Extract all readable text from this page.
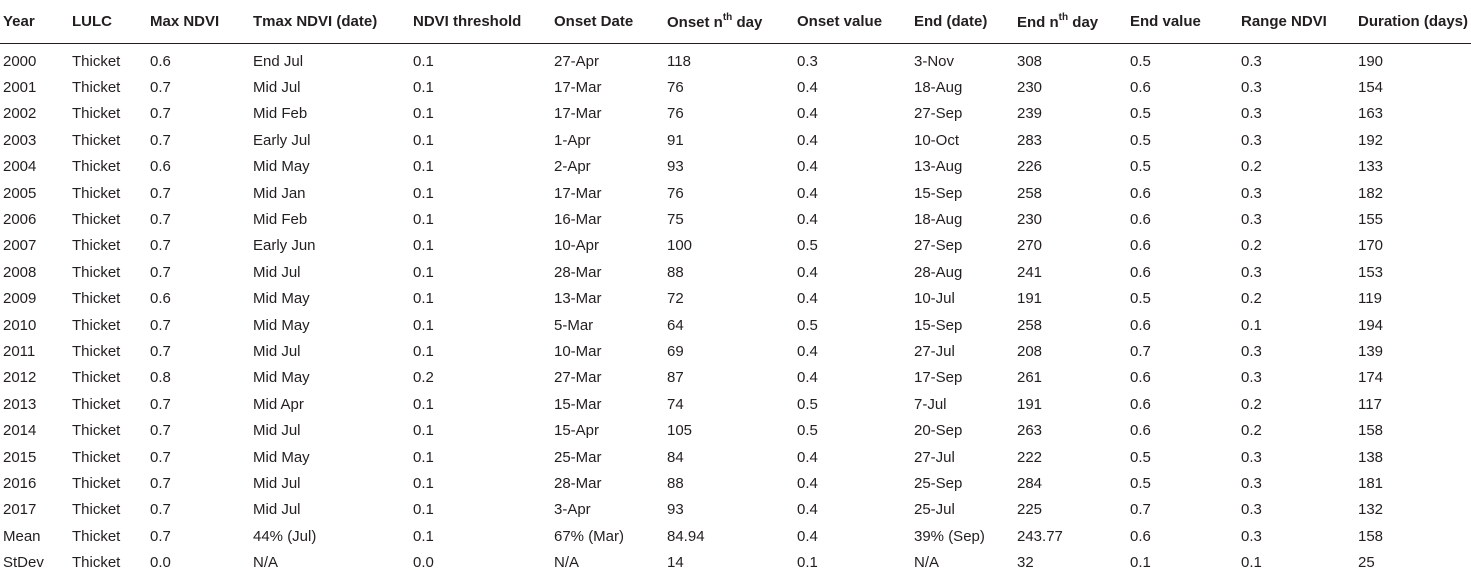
Year	LULC	Max NDVI	Tmax NDVI (date)	NDVI threshold	Onset Date	Onset $n^{th}$ day	Onset value	End (date)	End $n^{th}$ day	End value	Range NDVI	Duration (days)
2000	Thicket	0.6	End Jul	0.1	27-Apr	118	0.3	3-Nov	308	0.5	0.3	190
2001	Thicket	0.7	Mid Jul	0.1	17-Mar	76	0.4	18-Aug	230	0.6	0.3	154
2002	Thicket	0.7	Mid Feb	0.1	17-Mar	76	0.4	27-Sep	239	0.5	0.3	163
2003	Thicket	0.7	Early Jul	0.1	1-Apr	91	0.4	10-Oct	283	0.5	0.3	192
2004	Thicket	0.6	Mid May	0.1	2-Apr	93	0.4	13-Aug	226	0.5	0.2	133
2005	Thicket	0.7	Mid Jan	0.1	17-Mar	76	0.4	15-Sep	258	0.6	0.3	182
2006	Thicket	0.7	Mid Feb	0.1	16-Mar	75	0.4	18-Aug	230	0.6	0.3	155
2007	Thicket	0.7	Early Jun	0.1	10-Apr	100	0.5	27-Sep	270	0.6	0.2	170
2008	Thicket	0.7	Mid Jul	0.1	28-Mar	88	0.4	28-Aug	241	0.6	0.3	153
2009	Thicket	0.6	Mid May	0.1	13-Mar	72	0.4	10-Jul	191	0.5	0.2	119
2010	Thicket	0.7	Mid May	0.1	5-Mar	64	0.5	15-Sep	258	0.6	0.1	194
2011	Thicket	0.7	Mid Jul	0.1	10-Mar	69	0.4	27-Jul	208	0.7	0.3	139
2012	Thicket	0.8	Mid May	0.2	27-Mar	87	0.4	17-Sep	261	0.6	0.3	174
2013	Thicket	0.7	Mid Apr	0.1	15-Mar	74	0.5	7-Jul	191	0.6	0.2	117
2014	Thicket	0.7	Mid Jul	0.1	15-Apr	105	0.5	20-Sep	263	0.6	0.2	158
2015	Thicket	0.7	Mid May	0.1	25-Mar	84	0.4	27-Jul	222	0.5	0.3	138
2016	Thicket	0.7	Mid Jul	0.1	28-Mar	88	0.4	25-Sep	284	0.5	0.3	181
2017	Thicket	0.7	Mid Jul	0.1	3-Apr	93	0.4	25-Jul	225	0.7	0.3	132
Mean	Thicket	0.7	44% (Jul)	0.1	67% (Mar)	84.94	0.4	39% (Sep)	243.77	0.6	0.3	158
StDev	Thicket	0.0	N/A	0.0	N/A	14	0.1	N/A	32	0.1	0.1	25
